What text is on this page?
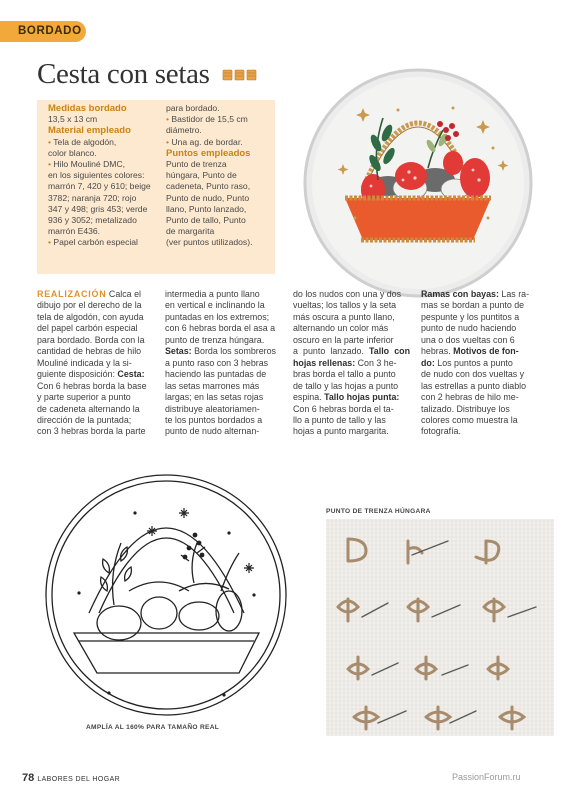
BORDADO
Cesta con setas
Medidas bordado
13,5 x 13 cm
Material empleado
• Tela de algodón,
color blanco.
• Hilo Mouliné DMC,
en los siguientes colores:
marrón 7, 420 y 610; beige
3782; naranja 720; rojo
347 y 498; gris 453; verde
936 y 3052; metalizado
marrón E436.
• Papel carbón especial
para bordado.
• Bastidor de 15,5 cm
diámetro.
• Una ag. de bordar.
Puntos empleados
Punto de trenza
húngara, Punto de
cadeneta, Punto raso,
Punto de nudo, Punto
llano, Punto lanzado,
Punto de tallo, Punto
de margarita
(ver puntos utilizados).
REALIZACIÓN Calca el
dibujo por el derecho de la
tela de algodón, con ayuda
del papel carbón especial
para bordado. Borda con la
cantidad de hebras de hilo
Mouliné indicada y la si-
guiente disposición: Cesta:
Con 6 hebras borda la base
y parte superior a punto
de cadeneta alternando la
dirección de la puntada;
con 3 hebras borda la parte
intermedia a punto llano
en vertical e inclinando la
puntadas en los extremos;
con 6 hebras borda el asa a
punto de trenza húngara.
Setas: Borda los sombreros
a punto raso con 3 hebras
haciendo las puntadas de
las setas marrones más
largas; en las setas rojas
distribuye aleatoriamen-
te los puntos bordados a
punto de nudo alternan-
do los nudos con una y dos
vueltas; los tallos y la seta
más oscura a punto llano,
alternando un color más
oscuro en la parte inferior
a punto lanzado. Tallo con hojas rellenas: Con 3 he-
bras borda el tallo a punto
de tallo y las hojas a punto
espina. Tallo hojas punta:
Con 6 hebras borda el ta-
llo a punto de tallo y las
hojas a punto margarita.
Ramas con bayas: Las ra-
mas se bordan a punto de
pespunte y los puntitos a
punto de nudo haciendo
una o dos vueltas con 6
hebras. Motivos de fon-
do: Los puntos a punto
de nudo con dos vueltas y
las estrellas a punto diablo
con 2 hebras de hilo me-
talizado. Distribuye los
colores como muestra la
fotografía.
AMPLÍA AL 160% PARA TAMAÑO REAL
PUNTO DE TRENZA HÚNGARA
78 LABORES DEL HOGAR	PassionForum.ru
